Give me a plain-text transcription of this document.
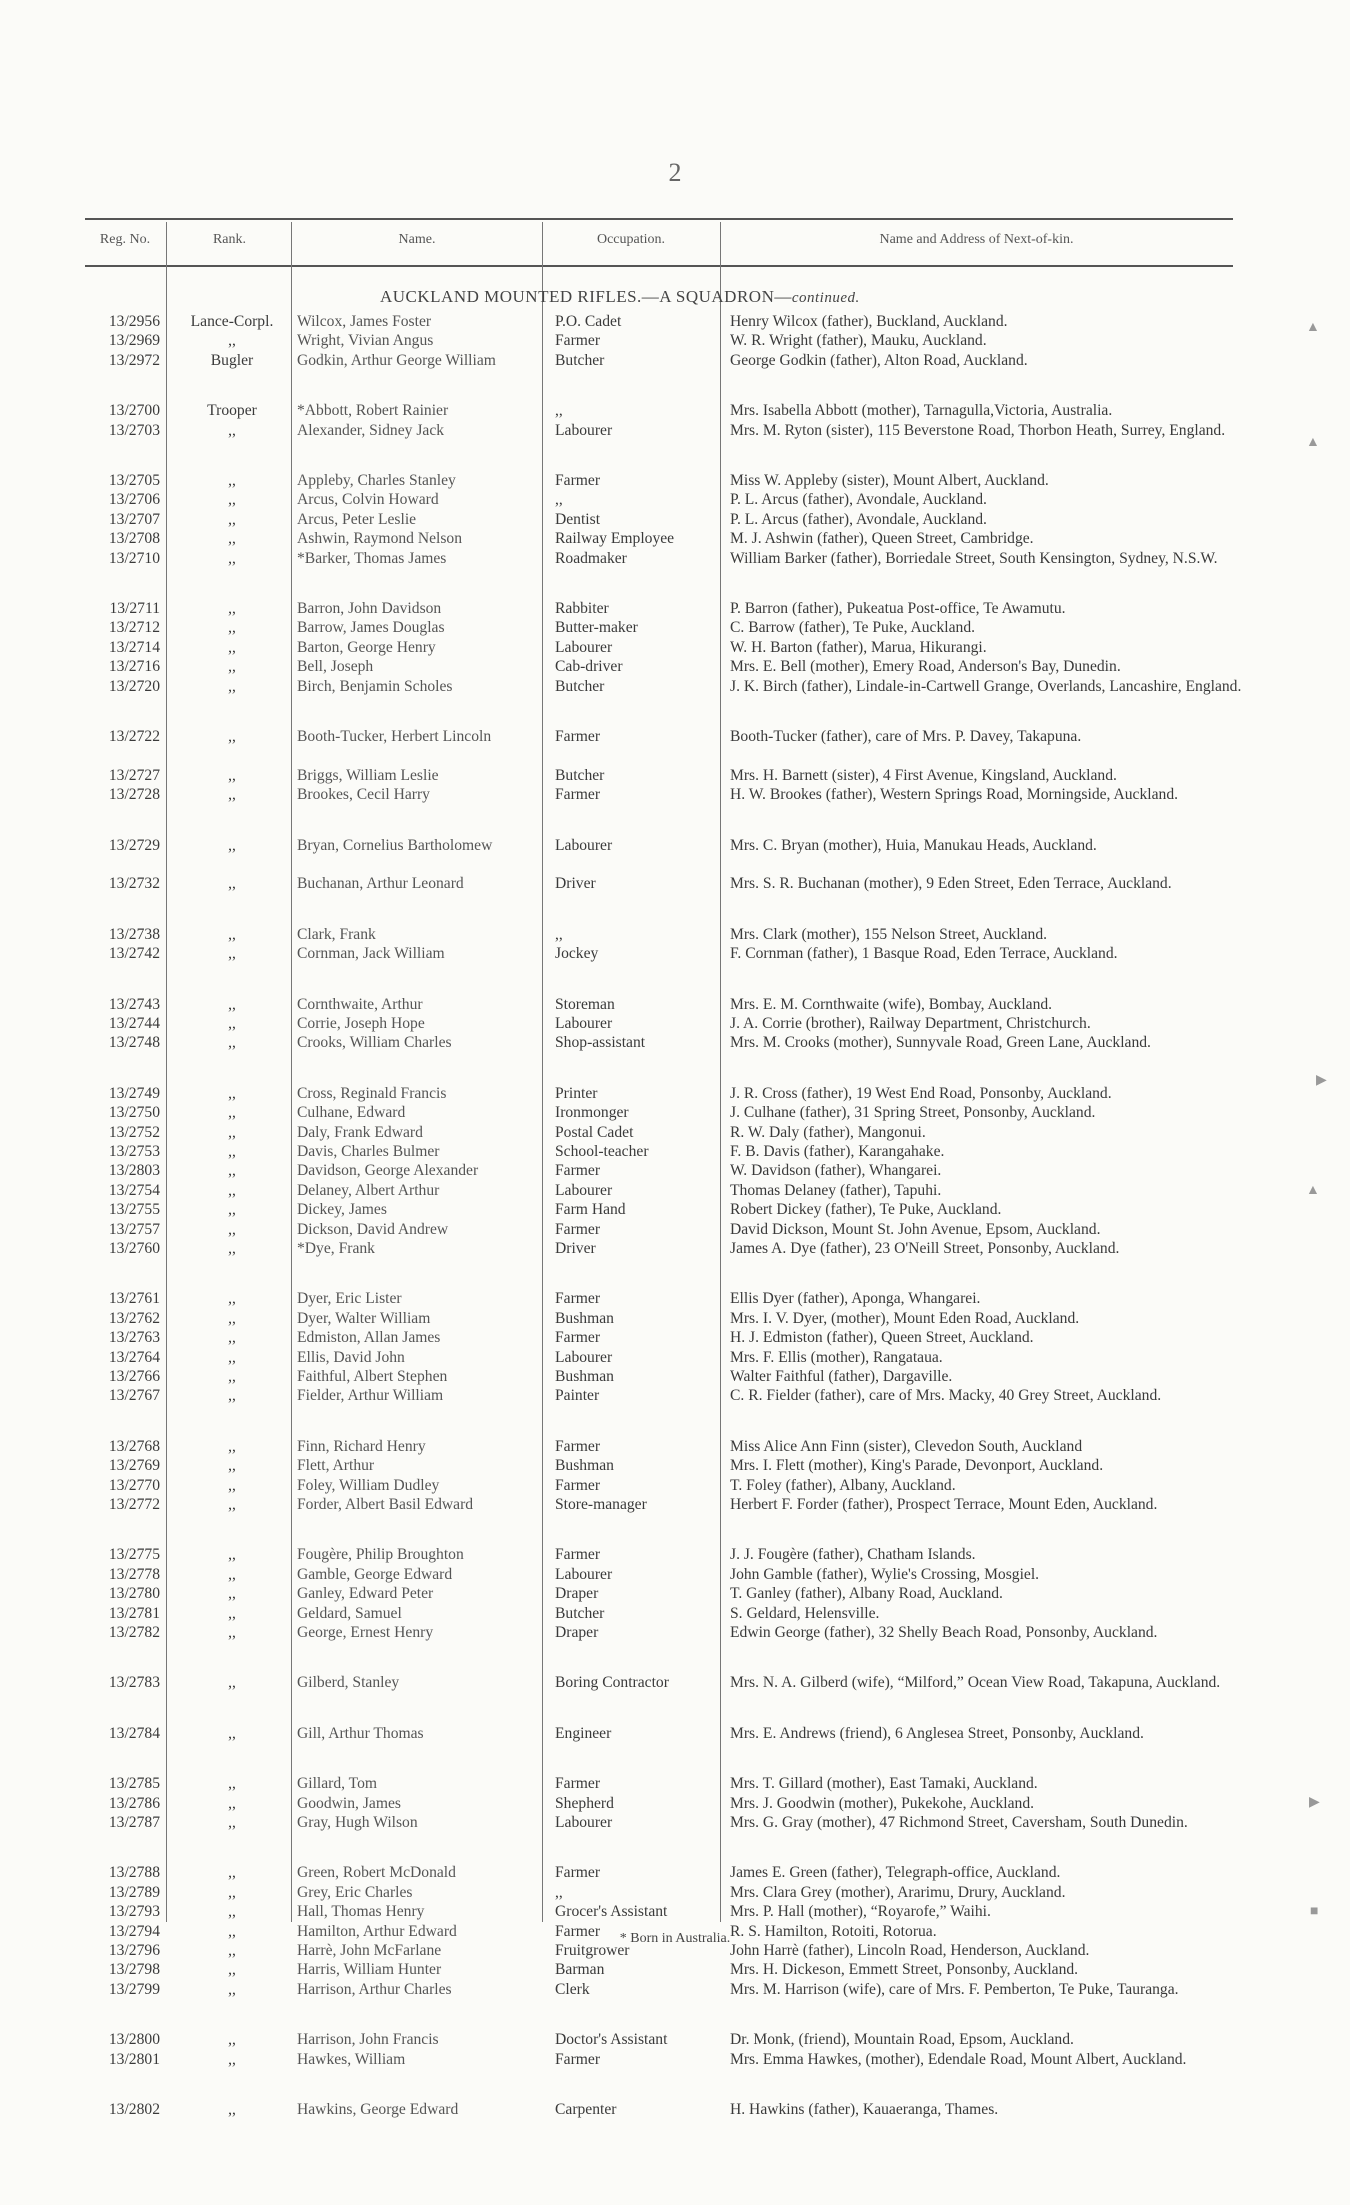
2
Reg. No.	Rank.	Name.	Occupation.	Name and Address of Next-of-kin.
AUCKLAND MOUNTED RIFLES.—A SQUADRON—continued.
13/2956	Lance-Corpl.	Wilcox, James Foster	P.O. Cadet	Henry Wilcox (father), Buckland, Auckland.
13/2969	,,	Wright, Vivian Angus	Farmer	W. R. Wright (father), Mauku, Auckland.
13/2972	Bugler	Godkin, Arthur George William	Butcher	George Godkin (father), Alton Road, Auckland.
13/2700	Trooper	*Abbott, Robert Rainier	,,	Mrs. Isabella Abbott (mother), Tarnagulla,Victoria, Australia.
13/2703	,,	Alexander, Sidney Jack	Labourer	Mrs. M. Ryton (sister), 115 Beverstone Road, Thorbon Heath, Surrey, England.
13/2705	,,	Appleby, Charles Stanley	Farmer	Miss W. Appleby (sister), Mount Albert, Auckland.
13/2706	,,	Arcus, Colvin Howard	,,	P. L. Arcus (father), Avondale, Auckland.
13/2707	,,	Arcus, Peter Leslie	Dentist	P. L. Arcus (father), Avondale, Auckland.
13/2708	,,	Ashwin, Raymond Nelson	Railway Employee	M. J. Ashwin (father), Queen Street, Cambridge.
13/2710	,,	*Barker, Thomas James	Roadmaker	William Barker (father), Borriedale Street, South Kensington, Sydney, N.S.W.
13/2711	,,	Barron, John Davidson	Rabbiter	P. Barron (father), Pukeatua Post-office, Te Awamutu.
13/2712	,,	Barrow, James Douglas	Butter-maker	C. Barrow (father), Te Puke, Auckland.
13/2714	,,	Barton, George Henry	Labourer	W. H. Barton (father), Marua, Hikurangi.
13/2716	,,	Bell, Joseph	Cab-driver	Mrs. E. Bell (mother), Emery Road, Anderson's Bay, Dunedin.
13/2720	,,	Birch, Benjamin Scholes	Butcher	J. K. Birch (father), Lindale-in-Cartwell Grange, Overlands, Lancashire, England.
13/2722	,,	Booth-Tucker, Herbert Lincoln	Farmer	Booth-Tucker (father), care of Mrs. P. Davey, Takapuna.
13/2727	,,	Briggs, William Leslie	Butcher	Mrs. H. Barnett (sister), 4 First Avenue, Kingsland, Auckland.
13/2728	,,	Brookes, Cecil Harry	Farmer	H. W. Brookes (father), Western Springs Road, Morningside, Auckland.
13/2729	,,	Bryan, Cornelius Bartholomew	Labourer	Mrs. C. Bryan (mother), Huia, Manukau Heads, Auckland.
13/2732	,,	Buchanan, Arthur Leonard	Driver	Mrs. S. R. Buchanan (mother), 9 Eden Street, Eden Terrace, Auckland.
13/2738	,,	Clark, Frank	,,	Mrs. Clark (mother), 155 Nelson Street, Auckland.
13/2742	,,	Cornman, Jack William	Jockey	F. Cornman (father), 1 Basque Road, Eden Terrace, Auckland.
13/2743	,,	Cornthwaite, Arthur	Storeman	Mrs. E. M. Cornthwaite (wife), Bombay, Auckland.
13/2744	,,	Corrie, Joseph Hope	Labourer	J. A. Corrie (brother), Railway Department, Christchurch.
13/2748	,,	Crooks, William Charles	Shop-assistant	Mrs. M. Crooks (mother), Sunnyvale Road, Green Lane, Auckland.
13/2749	,,	Cross, Reginald Francis	Printer	J. R. Cross (father), 19 West End Road, Ponsonby, Auckland.
13/2750	,,	Culhane, Edward	Ironmonger	J. Culhane (father), 31 Spring Street, Ponsonby, Auckland.
13/2752	,,	Daly, Frank Edward	Postal Cadet	R. W. Daly (father), Mangonui.
13/2753	,,	Davis, Charles Bulmer	School-teacher	F. B. Davis (father), Karangahake.
13/2803	,,	Davidson, George Alexander	Farmer	W. Davidson (father), Whangarei.
13/2754	,,	Delaney, Albert Arthur	Labourer	Thomas Delaney (father), Tapuhi.
13/2755	,,	Dickey, James	Farm Hand	Robert Dickey (father), Te Puke, Auckland.
13/2757	,,	Dickson, David Andrew	Farmer	David Dickson, Mount St. John Avenue, Epsom, Auckland.
13/2760	,,	*Dye, Frank	Driver	James A. Dye (father), 23 O'Neill Street, Ponsonby, Auckland.
13/2761	,,	Dyer, Eric Lister	Farmer	Ellis Dyer (father), Aponga, Whangarei.
13/2762	,,	Dyer, Walter William	Bushman	Mrs. I. V. Dyer, (mother), Mount Eden Road, Auckland.
13/2763	,,	Edmiston, Allan James	Farmer	H. J. Edmiston (father), Queen Street, Auckland.
13/2764	,,	Ellis, David John	Labourer	Mrs. F. Ellis (mother), Rangataua.
13/2766	,,	Faithful, Albert Stephen	Bushman	Walter Faithful (father), Dargaville.
13/2767	,,	Fielder, Arthur William	Painter	C. R. Fielder (father), care of Mrs. Macky, 40 Grey Street, Auckland.
13/2768	,,	Finn, Richard Henry	Farmer	Miss Alice Ann Finn (sister), Clevedon South, Auckland
13/2769	,,	Flett, Arthur	Bushman	Mrs. I. Flett (mother), King's Parade, Devonport, Auckland.
13/2770	,,	Foley, William Dudley	Farmer	T. Foley (father), Albany, Auckland.
13/2772	,,	Forder, Albert Basil Edward	Store-manager	Herbert F. Forder (father), Prospect Terrace, Mount Eden, Auckland.
13/2775	,,	Fougère, Philip Broughton	Farmer	J. J. Fougère (father), Chatham Islands.
13/2778	,,	Gamble, George Edward	Labourer	John Gamble (father), Wylie's Crossing, Mosgiel.
13/2780	,,	Ganley, Edward Peter	Draper	T. Ganley (father), Albany Road, Auckland.
13/2781	,,	Geldard, Samuel	Butcher	S. Geldard, Helensville.
13/2782	,,	George, Ernest Henry	Draper	Edwin George (father), 32 Shelly Beach Road, Ponsonby, Auckland.
13/2783	,,	Gilberd, Stanley	Boring Contractor	Mrs. N. A. Gilberd (wife), “Milford,” Ocean View Road, Takapuna, Auckland.
13/2784	,,	Gill, Arthur Thomas	Engineer	Mrs. E. Andrews (friend), 6 Anglesea Street, Ponsonby, Auckland.
13/2785	,,	Gillard, Tom	Farmer	Mrs. T. Gillard (mother), East Tamaki, Auckland.
13/2786	,,	Goodwin, James	Shepherd	Mrs. J. Goodwin (mother), Pukekohe, Auckland.
13/2787	,,	Gray, Hugh Wilson	Labourer	Mrs. G. Gray (mother), 47 Richmond Street, Caversham, South Dunedin.
13/2788	,,	Green, Robert McDonald	Farmer	James E. Green (father), Telegraph-office, Auckland.
13/2789	,,	Grey, Eric Charles	,,	Mrs. Clara Grey (mother), Ararimu, Drury, Auckland.
13/2793	,,	Hall, Thomas Henry	Grocer's Assistant	Mrs. P. Hall (mother), “Royarofe,” Waihi.
13/2794	,,	Hamilton, Arthur Edward	Farmer	R. S. Hamilton, Rotoiti, Rotorua.
13/2796	,,	Harrè, John McFarlane	Fruitgrower	John Harrè (father), Lincoln Road, Henderson, Auckland.
13/2798	,,	Harris, William Hunter	Barman	Mrs. H. Dickeson, Emmett Street, Ponsonby, Auckland.
13/2799	,,	Harrison, Arthur Charles	Clerk	Mrs. M. Harrison (wife), care of Mrs. F. Pemberton, Te Puke, Tauranga.
13/2800	,,	Harrison, John Francis	Doctor's Assistant	Dr. Monk, (friend), Mountain Road, Epsom, Auckland.
13/2801	,,	Hawkes, William	Farmer	Mrs. Emma Hawkes, (mother), Edendale Road, Mount Albert, Auckland.
13/2802	,,	Hawkins, George Edward	Carpenter	H. Hawkins (father), Kauaeranga, Thames.
* Born in Australia.
▲
▲
▶
▲
▶
■
